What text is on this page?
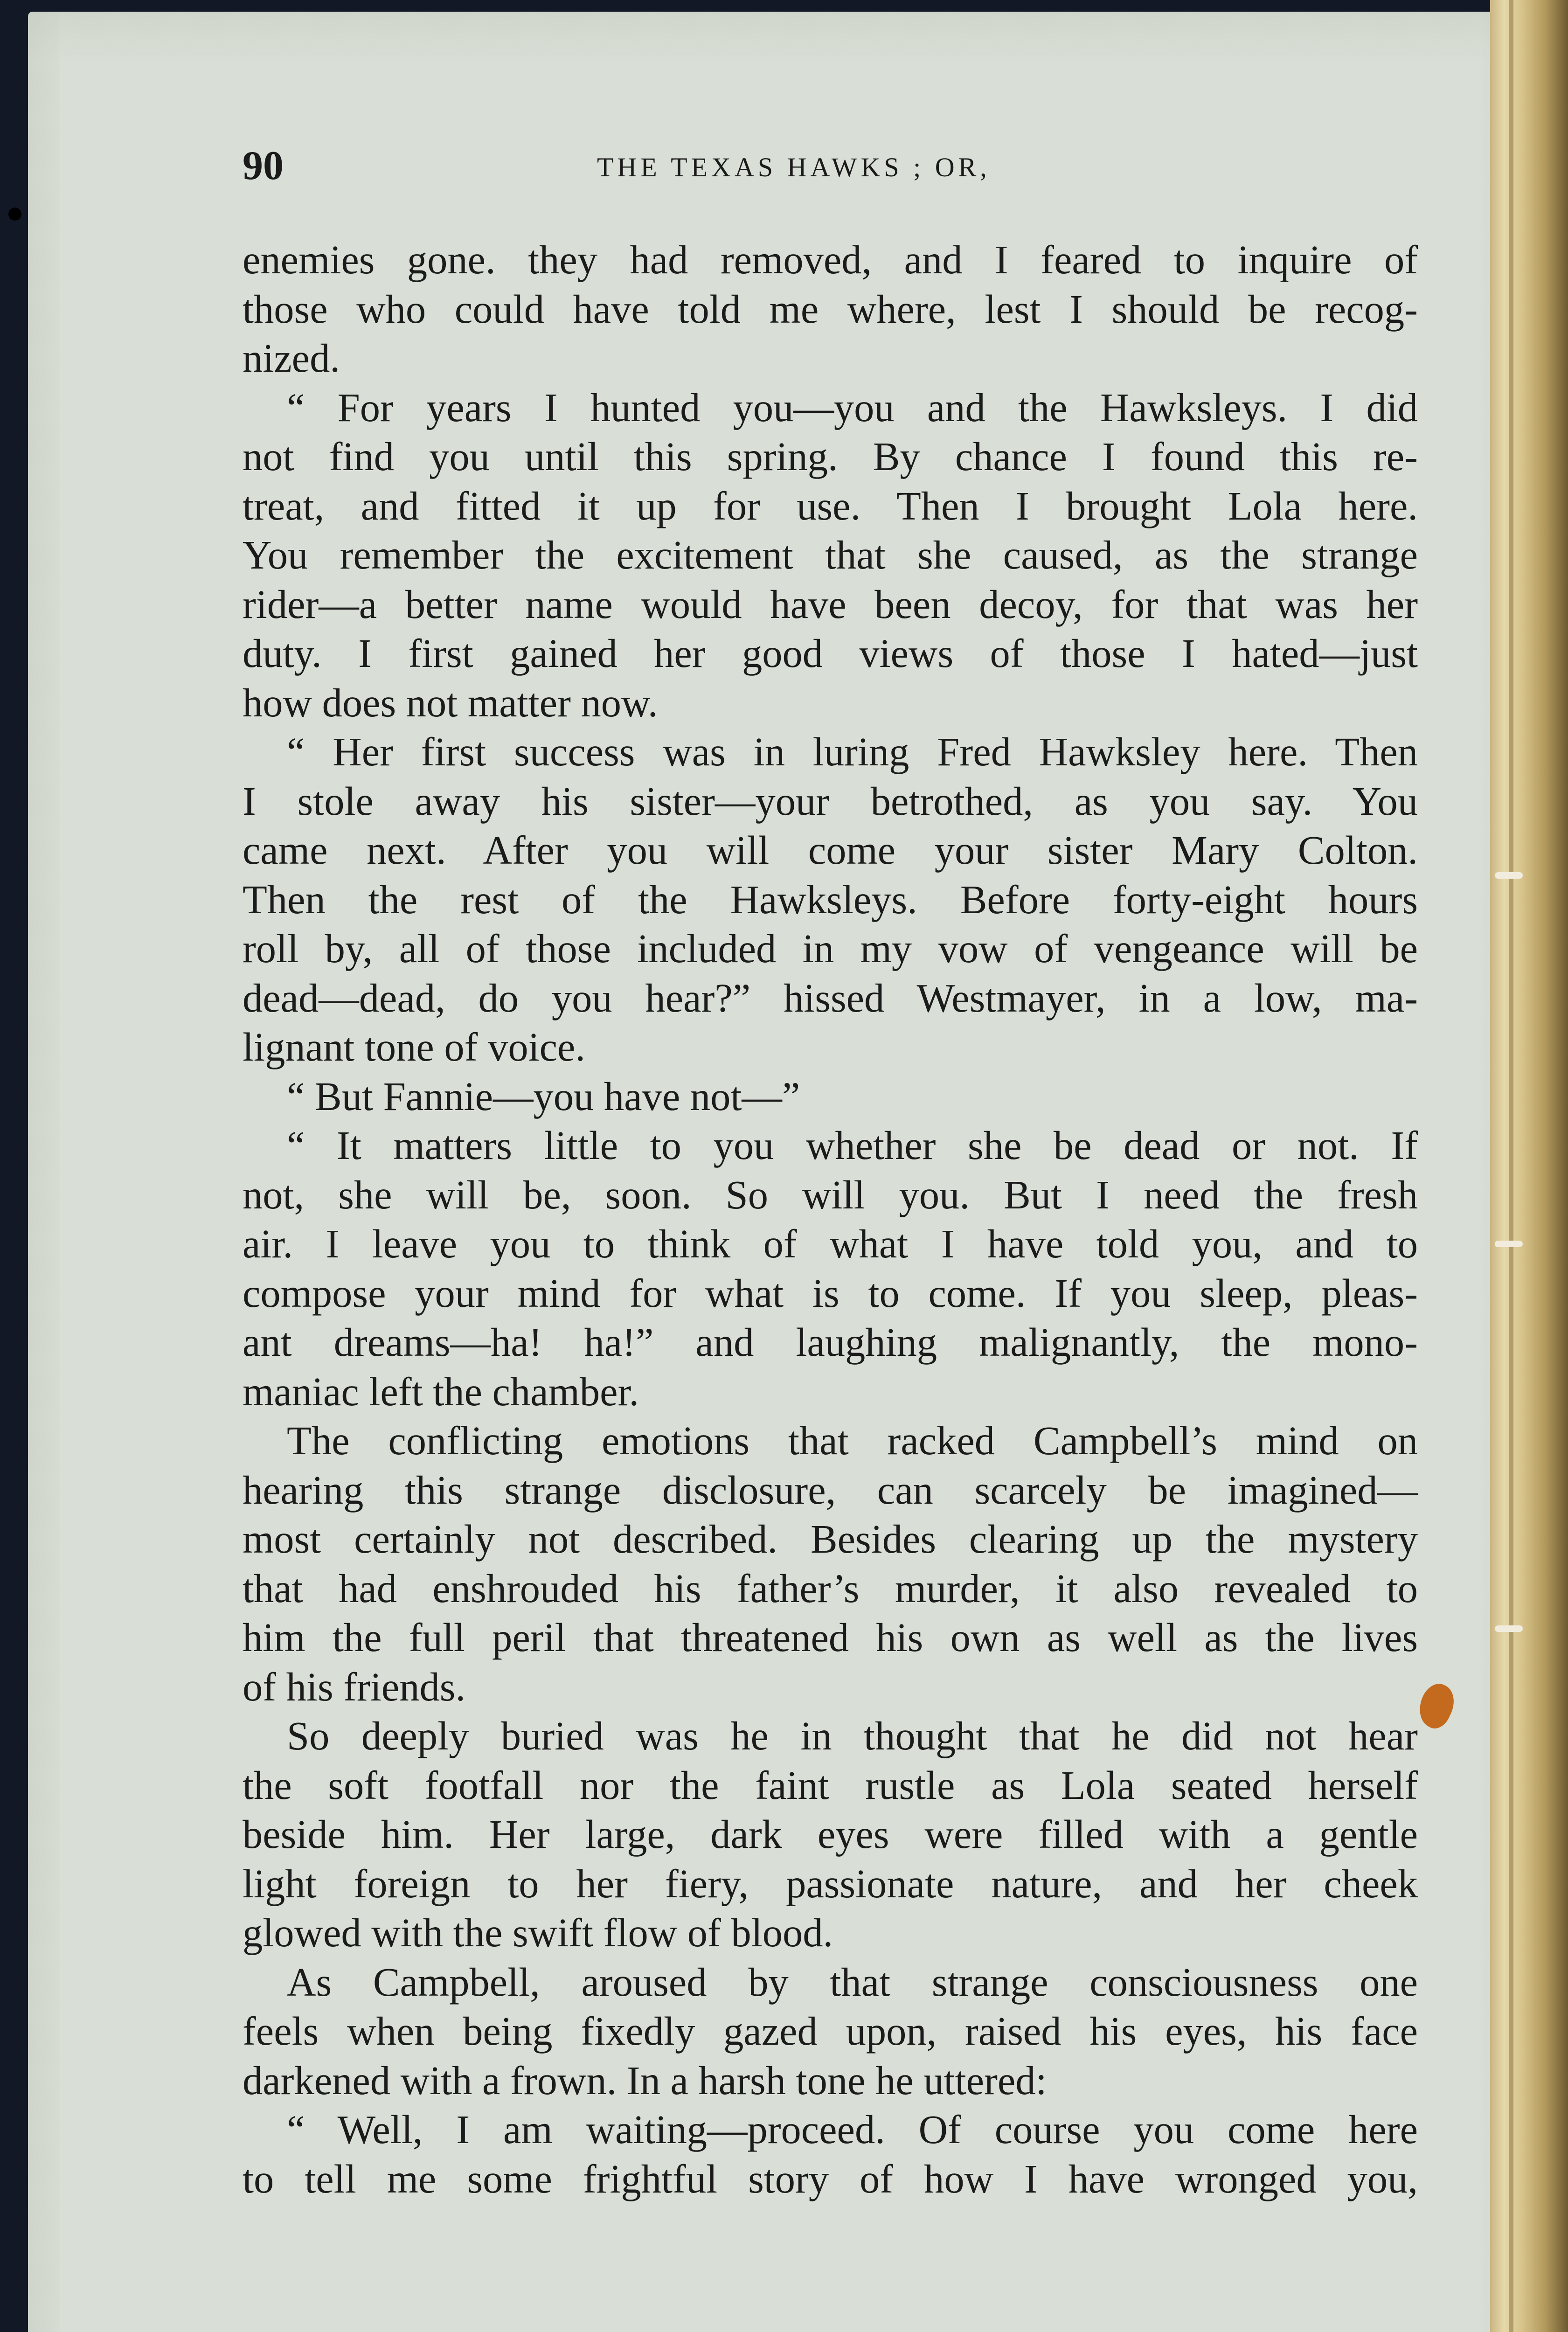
90	THE TEXAS HAWKS ; OR,
enemies gone. they had removed, and I feared to inquire of
those who could have told me where, lest I should be recog-
nized.
“ For years I hunted you—you and the Hawksleys. I did
not find you until this spring. By chance I found this re-
treat, and fitted it up for use. Then I brought Lola here.
You remember the excitement that she caused, as the strange
rider—a better name would have been decoy, for that was her
duty. I first gained her good views of those I hated—just
how does not matter now.
“ Her first success was in luring Fred Hawksley here. Then
I stole away his sister—your betrothed, as you say. You
came next. After you will come your sister Mary Colton.
Then the rest of the Hawksleys. Before forty-eight hours
roll by, all of those included in my vow of vengeance will be
dead—dead, do you hear?” hissed Westmayer, in a low, ma-
lignant tone of voice.
“ But Fannie—you have not—”
“ It matters little to you whether she be dead or not. If
not, she will be, soon. So will you. But I need the fresh
air. I leave you to think of what I have told you, and to
compose your mind for what is to come. If you sleep, pleas-
ant dreams—ha! ha!” and laughing malignantly, the mono-
maniac left the chamber.
The conflicting emotions that racked Campbell’s mind on
hearing this strange disclosure, can scarcely be imagined—
most certainly not described. Besides clearing up the mystery
that had enshrouded his father’s murder, it also revealed to
him the full peril that threatened his own as well as the lives
of his friends.
So deeply buried was he in thought that he did not hear
the soft footfall nor the faint rustle as Lola seated herself
beside him. Her large, dark eyes were filled with a gentle
light foreign to her fiery, passionate nature, and her cheek
glowed with the swift flow of blood.
As Campbell, aroused by that strange consciousness one
feels when being fixedly gazed upon, raised his eyes, his face
darkened with a frown. In a harsh tone he uttered:
“ Well, I am waiting—proceed. Of course you come here
to tell me some frightful story of how I have wronged you,
